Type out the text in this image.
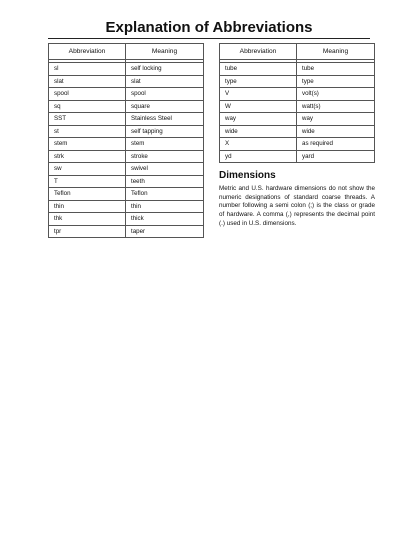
Explanation of Abbreviations
Abbreviation	Meaning

sl	self locking
slat	slat
spool	spool
sq	square
SST	Stainless Steel
st	self tapping
stem	stem
strk	stroke
sw	swivel
T	teeth
Teflon	Teflon
thin	thin
thk	thick
tpr	taper
Abbreviation	Meaning

tube	tube
type	type
V	volt(s)
W	watt(s)
way	way
wide	wide
X	as required
yd	yard
Dimensions
Metric and U.S. hardware dimensions do not show the numeric designations of standard coarse threads. A number following a semi colon (;) is the class or grade of hardware. A comma (,) represents the decimal point (.) used in U.S. dimensions.
